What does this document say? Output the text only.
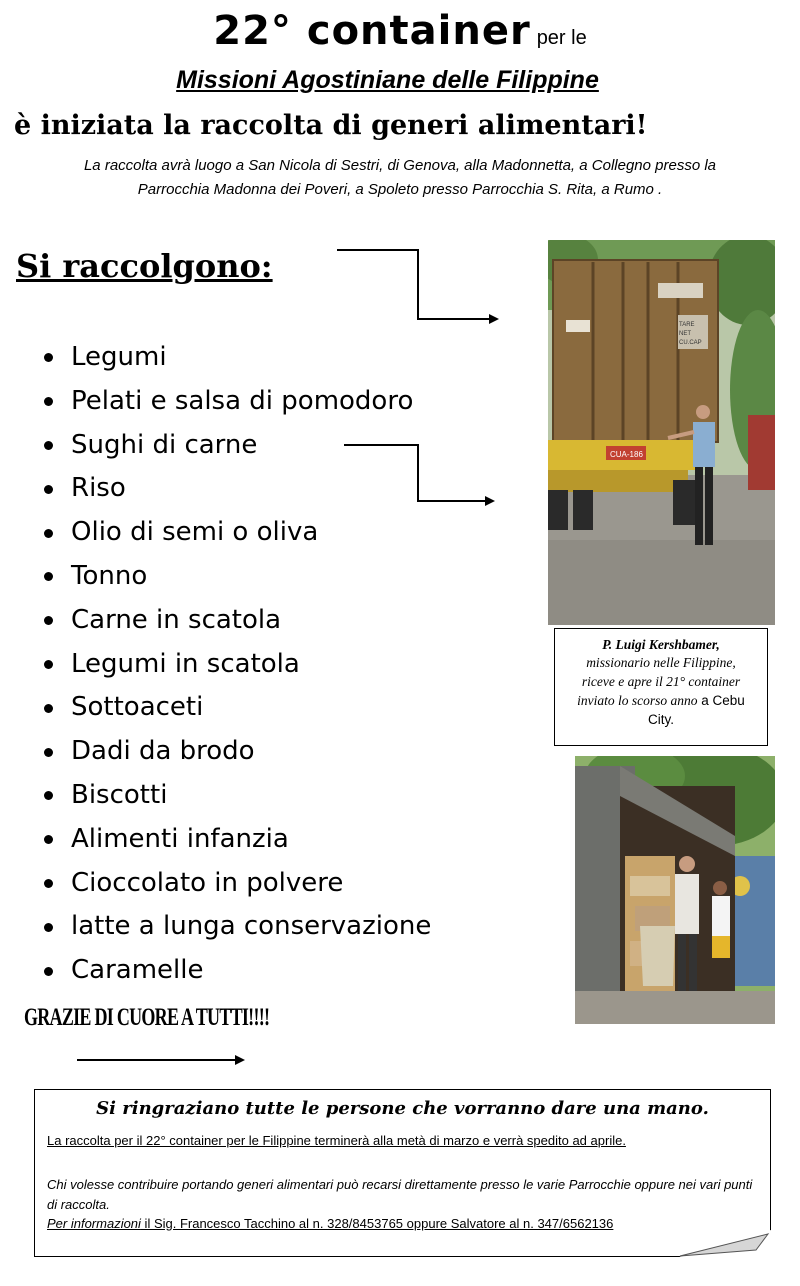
22° container per le
Missioni Agostiniane delle Filippine
è iniziata la raccolta di generi alimentari!
La raccolta avrà luogo a San Nicola di Sestri, di Genova, alla Madonnetta, a Collegno presso la
Parrocchia Madonna dei Poveri, a Spoleto presso Parrocchia S. Rita, a Rumo .
Si raccolgono:
Legumi
Pelati e salsa di pomodoro
Sughi di carne
Riso
Olio di semi o oliva
Tonno
Carne in scatola
Legumi in scatola
Sottoaceti
Dadi da brodo
Biscotti
Alimenti infanzia
Cioccolato in polvere
latte a lunga conservazione
Caramelle
GRAZIE DI CUORE A TUTTI!!!!
TARE
NET
CU.CAP
CUA-186
P. Luigi Kershbamer,
missionario nelle Filippine,
riceve e apre il 21° container
inviato lo scorso anno a Cebu
City.
Si ringraziano tutte le persone che vorranno dare una mano.
La raccolta per il 22° container per le Filippine terminerà alla metà di marzo e verrà spedito ad aprile.
Chi volesse contribuire portando generi alimentari può recarsi direttamente presso le varie Parrocchie oppure nei vari punti di raccolta.
Per informazioni il Sig. Francesco Tacchino al n. 328/8453765 oppure Salvatore al n. 347/6562136
